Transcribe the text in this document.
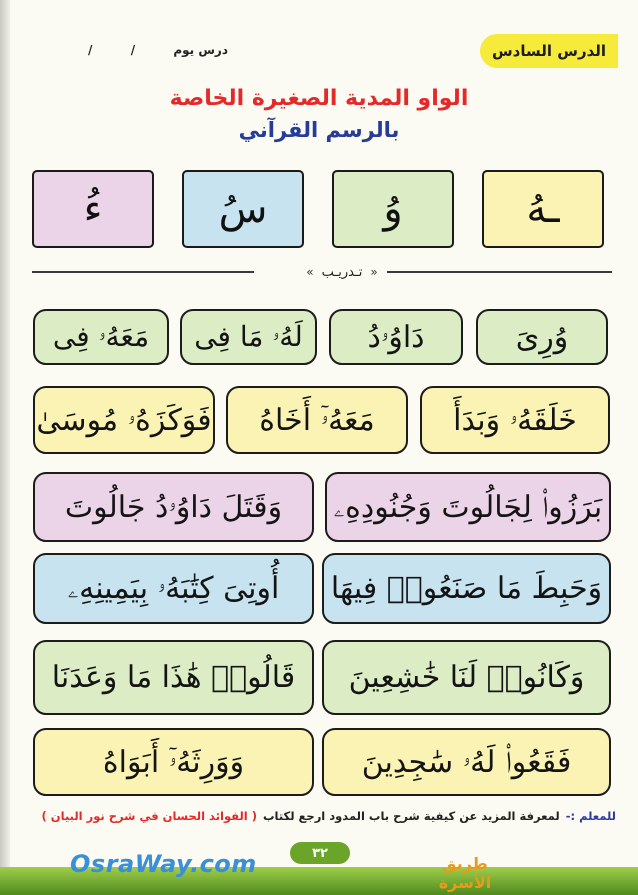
الدرس السادس
درس يوم
/
/
الواو المدية الصغيرة الخاصة
بالرسم القرآني
ـهُ
وُ
سُ
ءُ
«
تـدريـب
»
وُرِىَ
دَاوُۥدُ
لَهُۥ مَا فِى
مَعَهُۥ فِى
خَلَقَهُۥ وَبَدَأَ
مَعَهُۥٓ أَخَاهُ
فَوَكَزَهُۥ مُوسَىٰ
بَرَزُوا۟ لِجَالُوتَ وَجُنُودِهِۦ
وَقَتَلَ دَاوُۥدُ جَالُوتَ
وَحَبِطَ مَا صَنَعُوا۟ فِيهَا
أُوتِىَ كِتَٰبَهُۥ بِيَمِينِهِۦ
وَكَانُوا۟ لَنَا خَٰشِعِينَ
قَالُوا۟ هَٰذَا مَا وَعَدَنَا
فَقَعُوا۟ لَهُۥ سَٰجِدِينَ
وَوَرِثَهُۥٓ أَبَوَاهُ
للمعلم :-
لمعرفة المزيد عن كيفية شرح باب المدود ارجع لكتاب
( الفوائد الحسان في شرح نور البيان )
OsraWay.com	٣٢
طريق الأسرة
